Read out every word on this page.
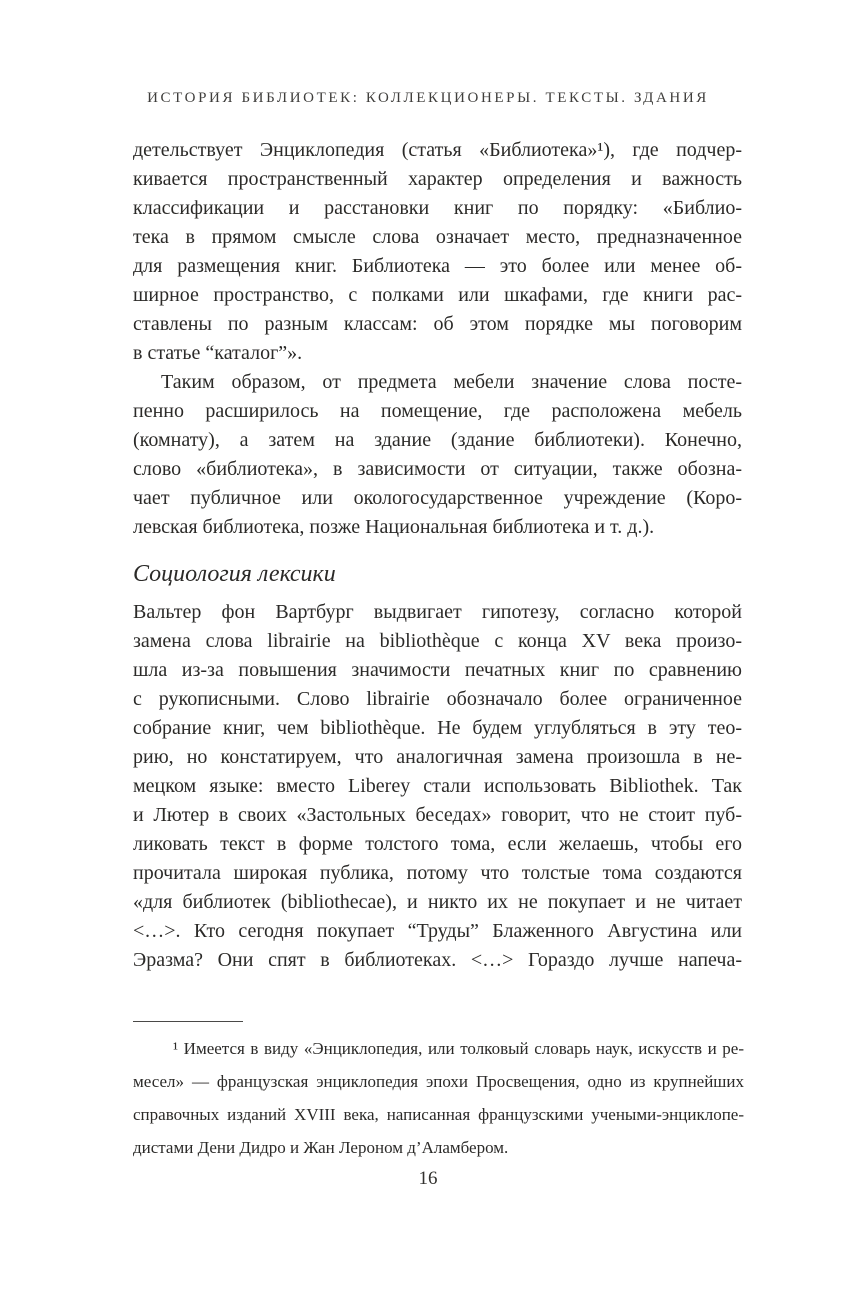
ИСТОРИЯ БИБЛИОТЕК: КОЛЛЕКЦИОНЕРЫ. ТЕКСТЫ. ЗДАНИЯ
детельствует Энциклопедия (статья «Библиотека»¹), где подчер-
кивается пространственный характер определения и важность
классификации и расстановки книг по порядку: «Библио-
тека в прямом смысле слова означает место, предназначенное
для размещения книг. Библиотека — это более или менее об-
ширное пространство, с полками или шкафами, где книги рас-
ставлены по разным классам: об этом порядке мы поговорим
в статье “каталог”».
Таким образом, от предмета мебели значение слова посте-
пенно расширилось на помещение, где расположена мебель
(комнату), а затем на здание (здание библиотеки). Конечно,
слово «библиотека», в зависимости от ситуации, также обозна-
чает публичное или окологосударственное учреждение (Коро-
левская библиотека, позже Национальная библиотека и т. д.).
Социология лексики
Вальтер фон Вартбург выдвигает гипотезу, согласно которой
замена слова librairie на bibliothèque с конца XV века произо-
шла из-за повышения значимости печатных книг по сравнению
с рукописными. Слово librairie обозначало более ограниченное
собрание книг, чем bibliothèque. Не будем углубляться в эту тео-
рию, но констатируем, что аналогичная замена произошла в не-
мецком языке: вместо Liberey стали использовать Bibliothek. Так
и Лютер в своих «Застольных беседах» говорит, что не стоит пуб-
ликовать текст в форме толстого тома, если желаешь, чтобы его
прочитала широкая публика, потому что толстые тома создаются
«для библиотек (bibliothecae), и никто их не покупает и не читает
<…>. Кто сегодня покупает “Труды” Блаженного Августина или
Эразма? Они спят в библиотеках. <…> Гораздо лучше напеча-
¹ Имеется в виду «Энциклопедия, или толковый словарь наук, искусств и ре-
месел» — французская энциклопедия эпохи Просвещения, одно из крупнейших
справочных изданий XVIII века, написанная французскими учеными-энциклопе-
дистами Дени Дидро и Жан Лероном д’Аламбером.
16
